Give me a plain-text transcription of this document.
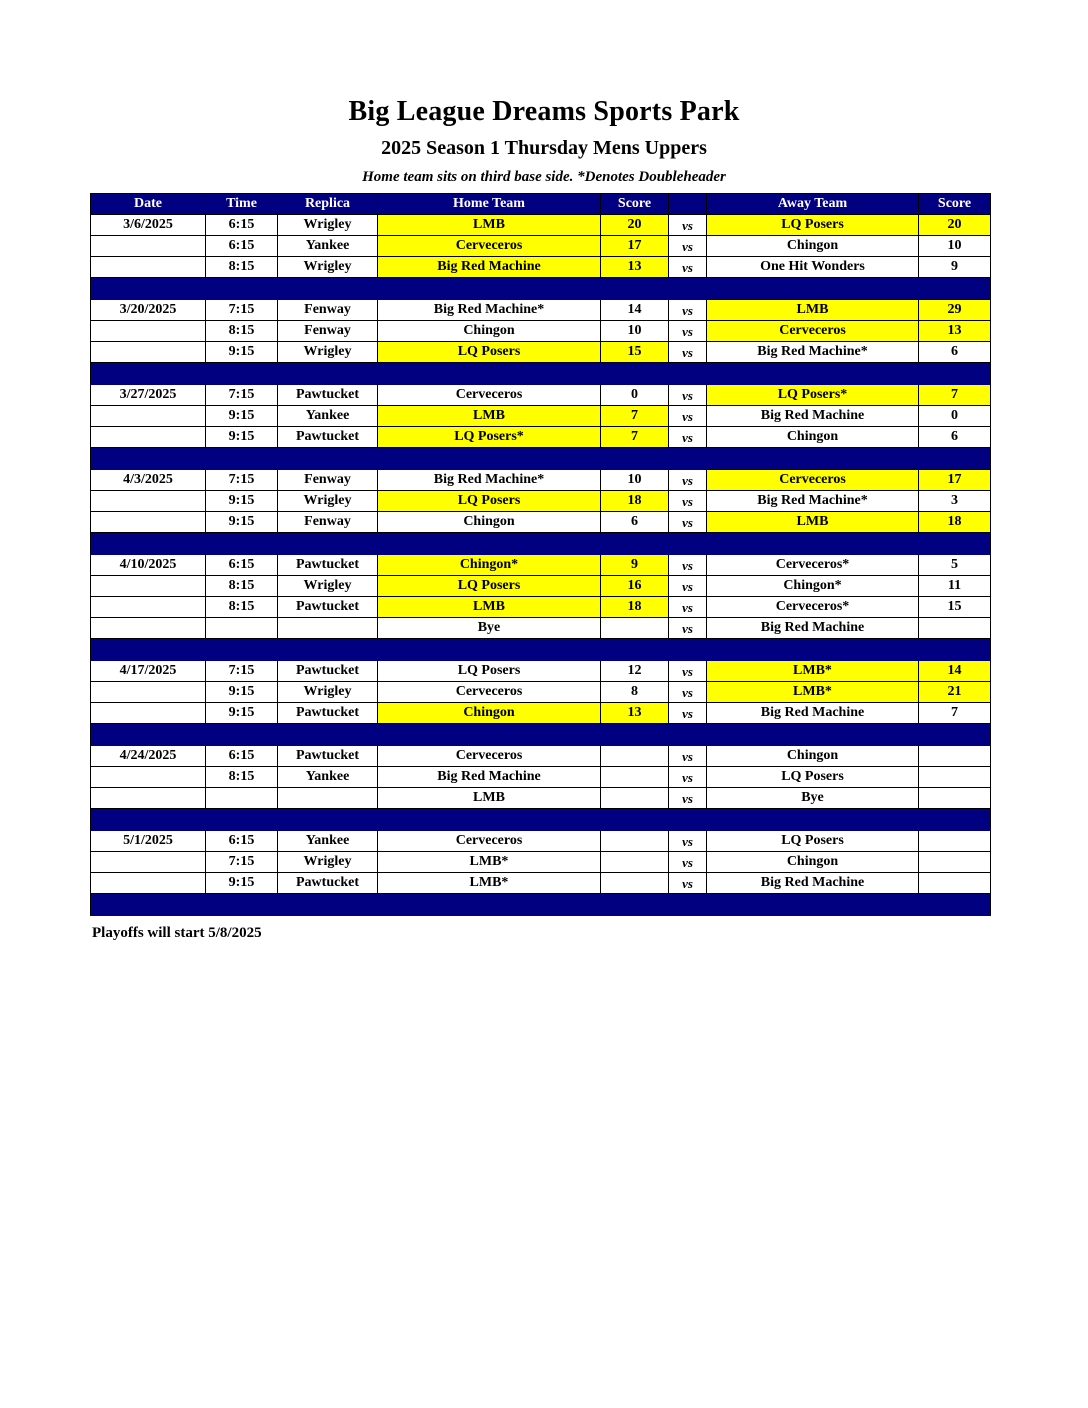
Big League Dreams Sports Park
2025 Season 1 Thursday Mens Uppers
Home team sits on third base side. *Denotes Doubleheader
Date	Time	Replica	Home Team	Score		Away Team	Score
3/6/2025	6:15	Wrigley	LMB	20	vs	LQ Posers	20
	6:15	Yankee	Cerveceros	17	vs	Chingon	10
	8:15	Wrigley	Big Red Machine	13	vs	One Hit Wonders	9

3/20/2025	7:15	Fenway	Big Red Machine*	14	vs	LMB	29
	8:15	Fenway	Chingon	10	vs	Cerveceros	13
	9:15	Wrigley	LQ Posers	15	vs	Big Red Machine*	6

3/27/2025	7:15	Pawtucket	Cerveceros	0	vs	LQ Posers*	7
	9:15	Yankee	LMB	7	vs	Big Red Machine	0
	9:15	Pawtucket	LQ Posers*	7	vs	Chingon	6

4/3/2025	7:15	Fenway	Big Red Machine*	10	vs	Cerveceros	17
	9:15	Wrigley	LQ Posers	18	vs	Big Red Machine*	3
	9:15	Fenway	Chingon	6	vs	LMB	18

4/10/2025	6:15	Pawtucket	Chingon*	9	vs	Cerveceros*	5
	8:15	Wrigley	LQ Posers	16	vs	Chingon*	11
	8:15	Pawtucket	LMB	18	vs	Cerveceros*	15
			Bye		vs	Big Red Machine	

4/17/2025	7:15	Pawtucket	LQ Posers	12	vs	LMB*	14
	9:15	Wrigley	Cerveceros	8	vs	LMB*	21
	9:15	Pawtucket	Chingon	13	vs	Big Red Machine	7

4/24/2025	6:15	Pawtucket	Cerveceros		vs	Chingon	
	8:15	Yankee	Big Red Machine		vs	LQ Posers	
			LMB		vs	Bye	

5/1/2025	6:15	Yankee	Cerveceros		vs	LQ Posers	
	7:15	Wrigley	LMB*		vs	Chingon	
	9:15	Pawtucket	LMB*		vs	Big Red Machine	

Playoffs will start 5/8/2025
